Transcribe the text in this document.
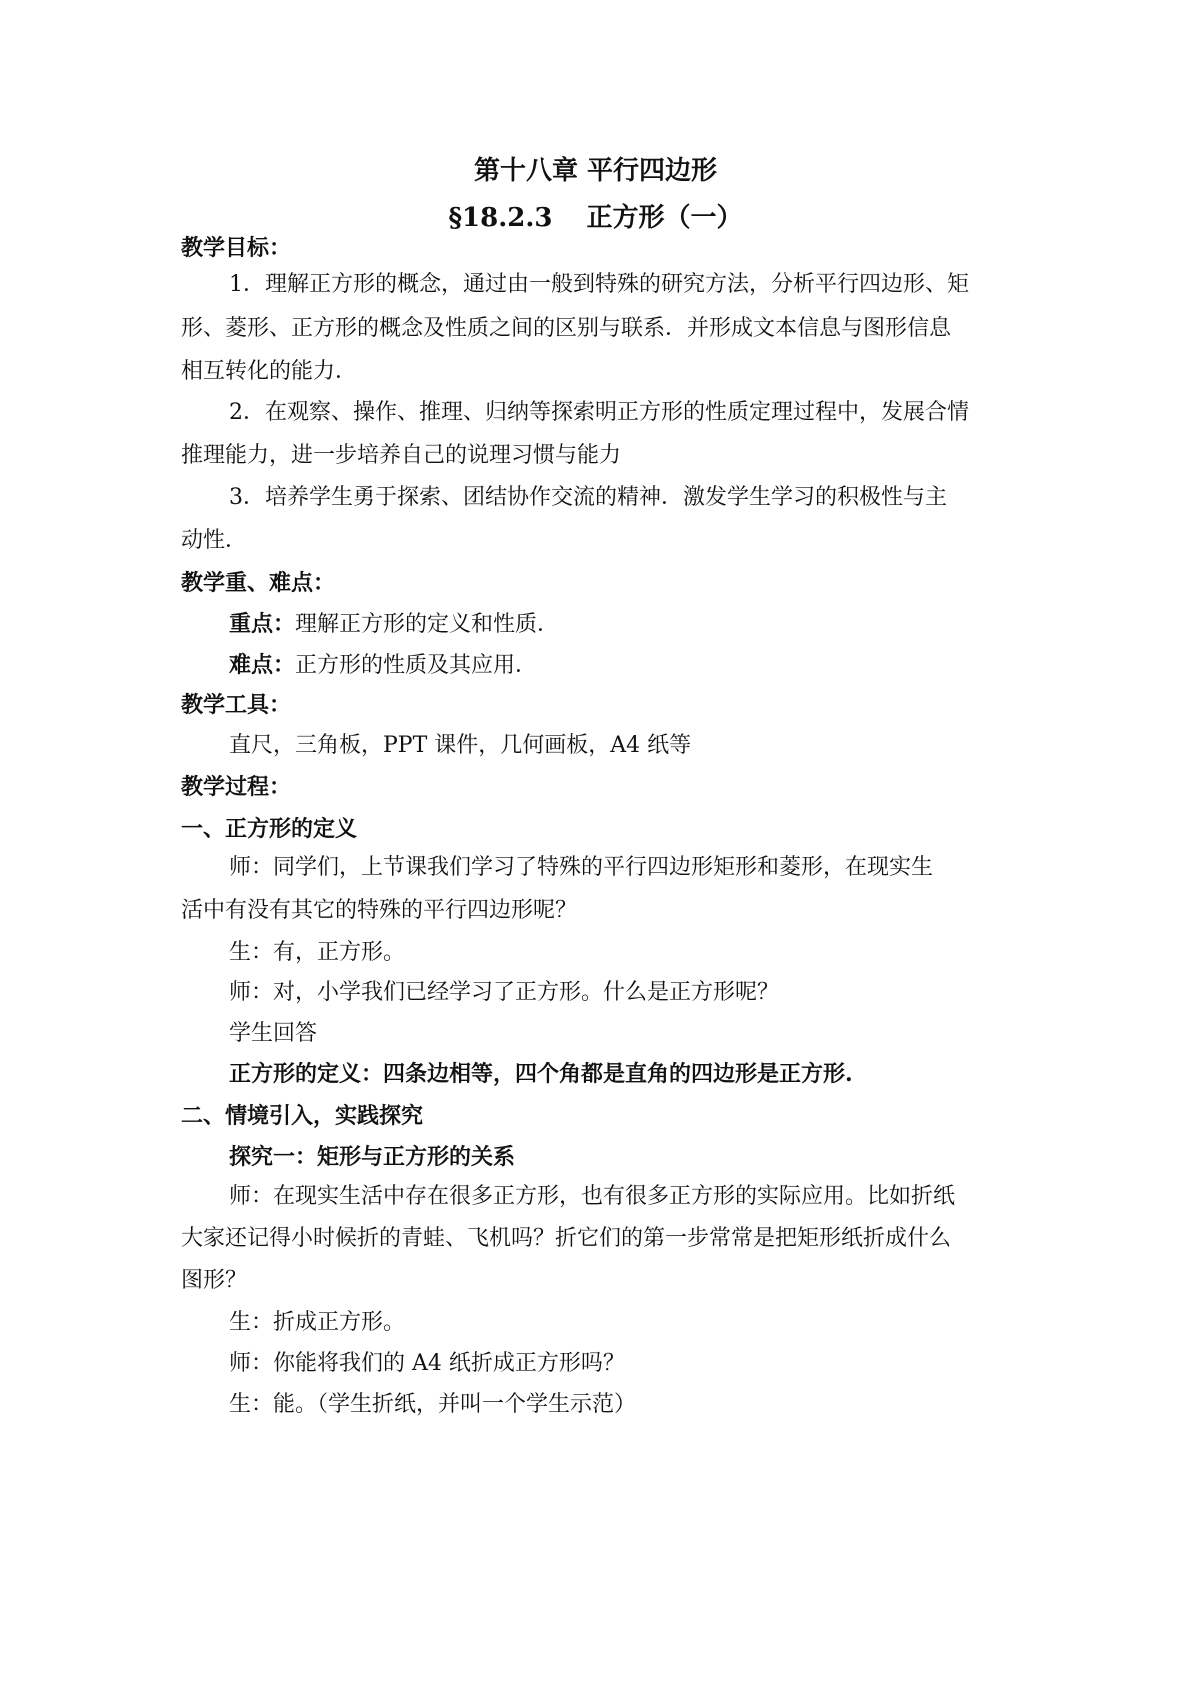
第十八章 平行四边形
§18.2.3 正方形（一）
教学目标：
1．理解正方形的概念，通过由一般到特殊的研究方法，分析平行四边形、矩
形、菱形、正方形的概念及性质之间的区别与联系．并形成文本信息与图形信息
相互转化的能力．
2．在观察、操作、推理、归纳等探索明正方形的性质定理过程中，发展合情
推理能力，进一步培养自己的说理习惯与能力
3．培养学生勇于探索、团结协作交流的精神．激发学生学习的积极性与主
动性．
教学重、难点：
重点：理解正方形的定义和性质．
难点：正方形的性质及其应用．
教学工具：
直尺，三角板，PPT 课件，几何画板，A4 纸等
教学过程：
一、正方形的定义
师：同学们，上节课我们学习了特殊的平行四边形矩形和菱形，在现实生
活中有没有其它的特殊的平行四边形呢？
生：有，正方形。
师：对，小学我们已经学习了正方形。什么是正方形呢？
学生回答
正方形的定义：四条边相等，四个角都是直角的四边形是正方形.
二、情境引入，实践探究
探究一：矩形与正方形的关系
师：在现实生活中存在很多正方形，也有很多正方形的实际应用。比如折纸
大家还记得小时候折的青蛙、飞机吗？折它们的第一步常常是把矩形纸折成什么
图形？
生：折成正方形。
师：你能将我们的 A4 纸折成正方形吗？
生：能。（学生折纸，并叫一个学生示范）
